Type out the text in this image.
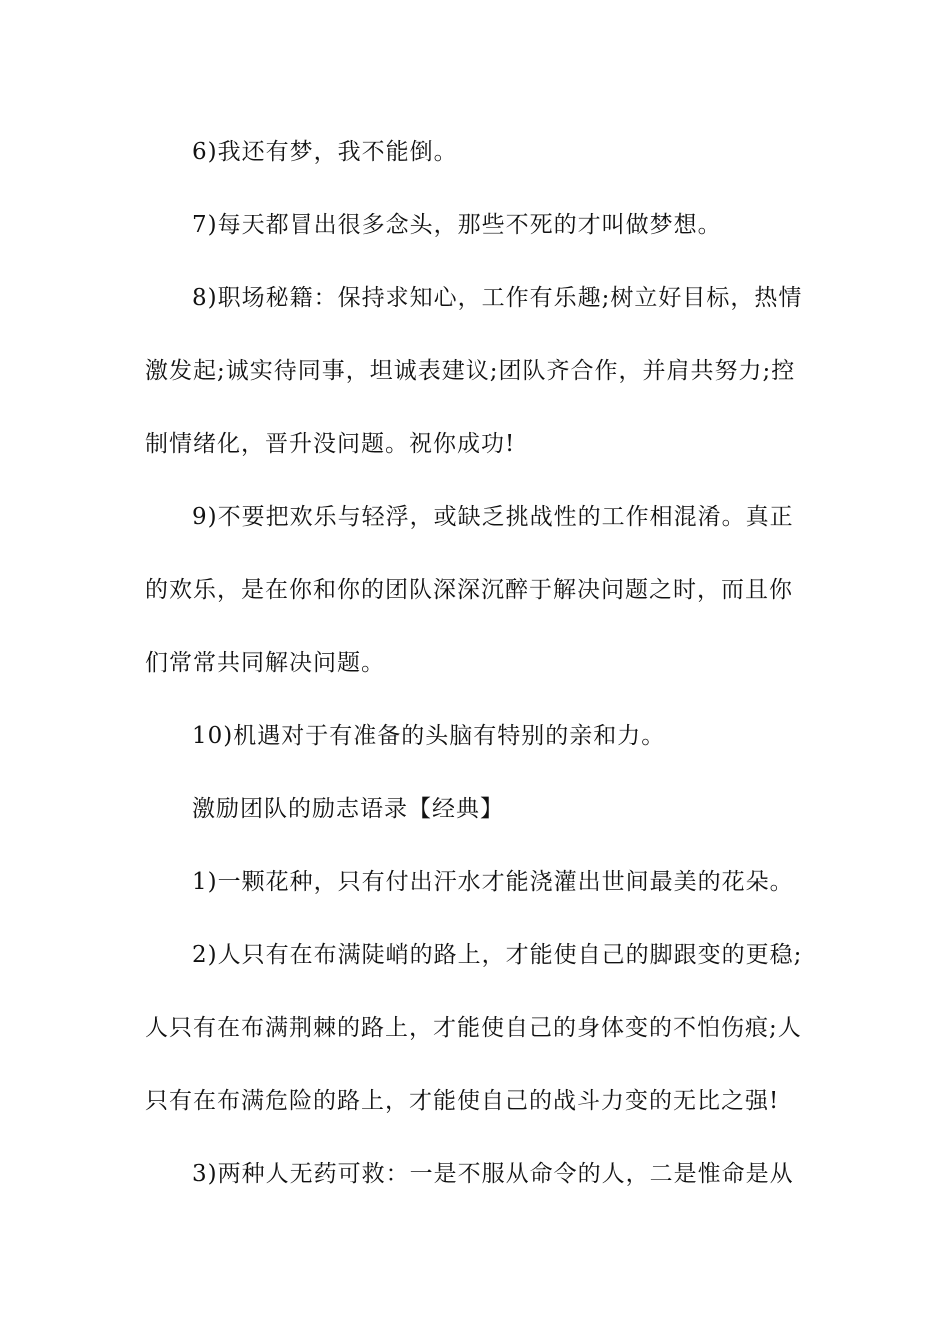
6)我还有梦，我不能倒。
7)每天都冒出很多念头，那些不死的才叫做梦想。
8)职场秘籍：保持求知心，工作有乐趣;树立好目标，热情
激发起;诚实待同事，坦诚表建议;团队齐合作，并肩共努力;控
制情绪化，晋升没问题。祝你成功!
9)不要把欢乐与轻浮，或缺乏挑战性的工作相混淆。真正
的欢乐，是在你和你的团队深深沉醉于解决问题之时，而且你
们常常共同解决问题。
10)机遇对于有准备的头脑有特别的亲和力。
激励团队的励志语录【经典】
1)一颗花种，只有付出汗水才能浇灌出世间最美的花朵。
2)人只有在布满陡峭的路上，才能使自己的脚跟变的更稳;
人只有在布满荆棘的路上，才能使自己的身体变的不怕伤痕;人
只有在布满危险的路上，才能使自己的战斗力变的无比之强!
3)两种人无药可救：一是不服从命令的人，二是惟命是从
